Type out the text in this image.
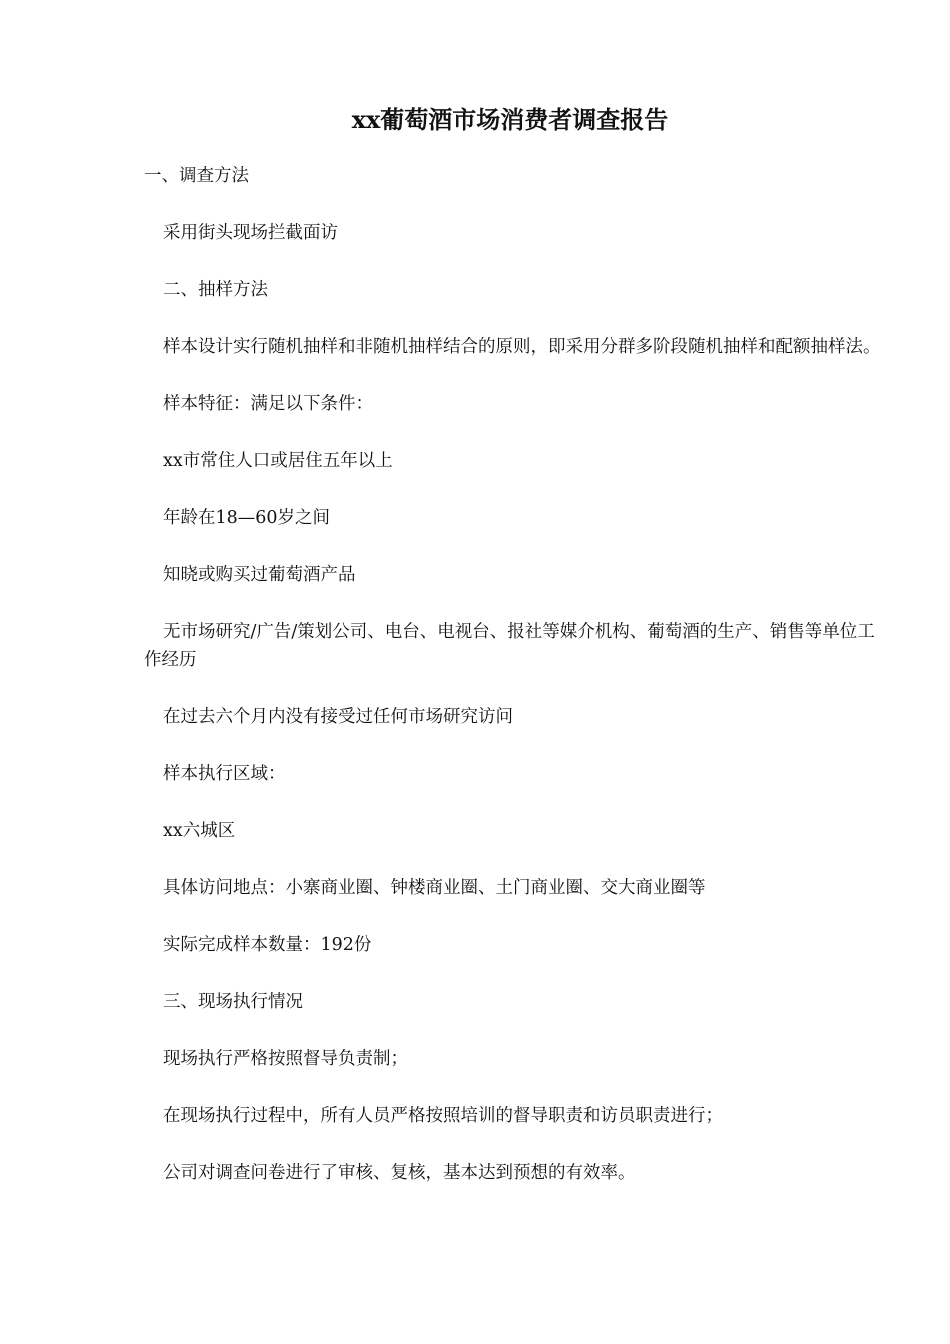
xx葡萄酒市场消费者调查报告

一、调查方法

采用街头现场拦截面访

二、抽样方法

样本设计实行随机抽样和非随机抽样结合的原则，即采用分群多阶段随机抽样和配额抽样法。

样本特征：满足以下条件：

xx市常住人口或居住五年以上

年龄在18—60岁之间

知晓或购买过葡萄酒产品

无市场研究/广告/策划公司、电台、电视台、报社等媒介机构、葡萄酒的生产、销售等单位工作经历

在过去六个月内没有接受过任何市场研究访问

样本执行区域：

xx六城区

具体访问地点：小寨商业圈、钟楼商业圈、土门商业圈、交大商业圈等

实际完成样本数量：192份

三、现场执行情况

现场执行严格按照督导负责制；

在现场执行过程中，所有人员严格按照培训的督导职责和访员职责进行；

公司对调查问卷进行了审核、复核，基本达到预想的有效率。
